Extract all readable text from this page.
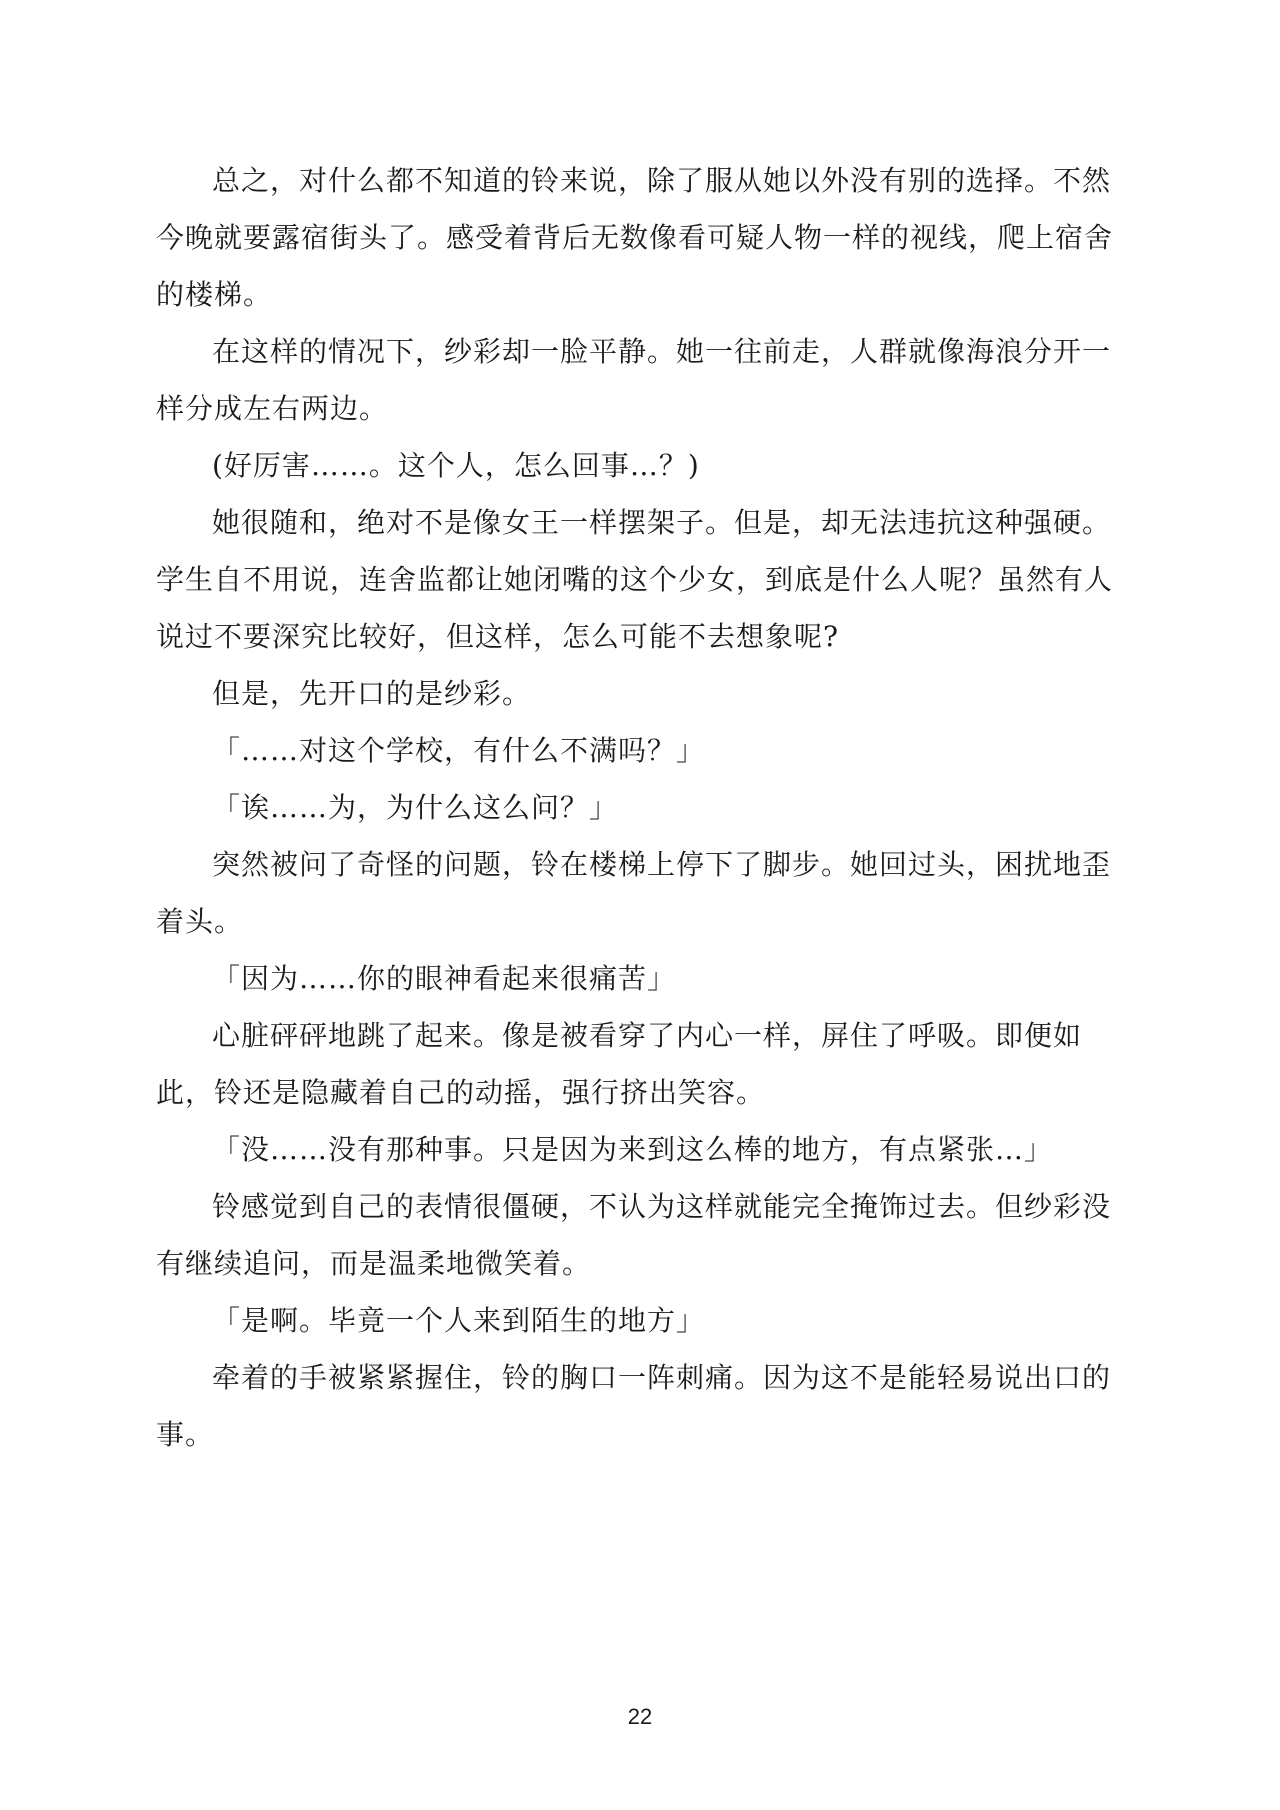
总之，对什么都不知道的铃来说，除了服从她以外没有别的选择。不然今晚就要露宿街头了。感受着背后无数像看可疑人物一样的视线，爬上宿舍的楼梯。

在这样的情况下，纱彩却一脸平静。她一往前走，人群就像海浪分开一样分成左右两边。

(好厉害……。这个人，怎么回事…？)

她很随和，绝对不是像女王一样摆架子。但是，却无法违抗这种强硬。学生自不用说，连舍监都让她闭嘴的这个少女，到底是什么人呢？虽然有人说过不要深究比较好，但这样，怎么可能不去想象呢?

但是，先开口的是纱彩。

「……对这个学校，有什么不满吗？」

「诶……为，为什么这么问？」

突然被问了奇怪的问题，铃在楼梯上停下了脚步。她回过头，困扰地歪着头。

「因为……你的眼神看起来很痛苦」

心脏砰砰地跳了起来。像是被看穿了内心一样，屏住了呼吸。即便如此，铃还是隐藏着自己的动摇，强行挤出笑容。

「没……没有那种事。只是因为来到这么棒的地方，有点紧张…」

铃感觉到自己的表情很僵硬，不认为这样就能完全掩饰过去。但纱彩没有继续追问，而是温柔地微笑着。

「是啊。毕竟一个人来到陌生的地方」

牵着的手被紧紧握住，铃的胸口一阵刺痛。因为这不是能轻易说出口的事。

22
